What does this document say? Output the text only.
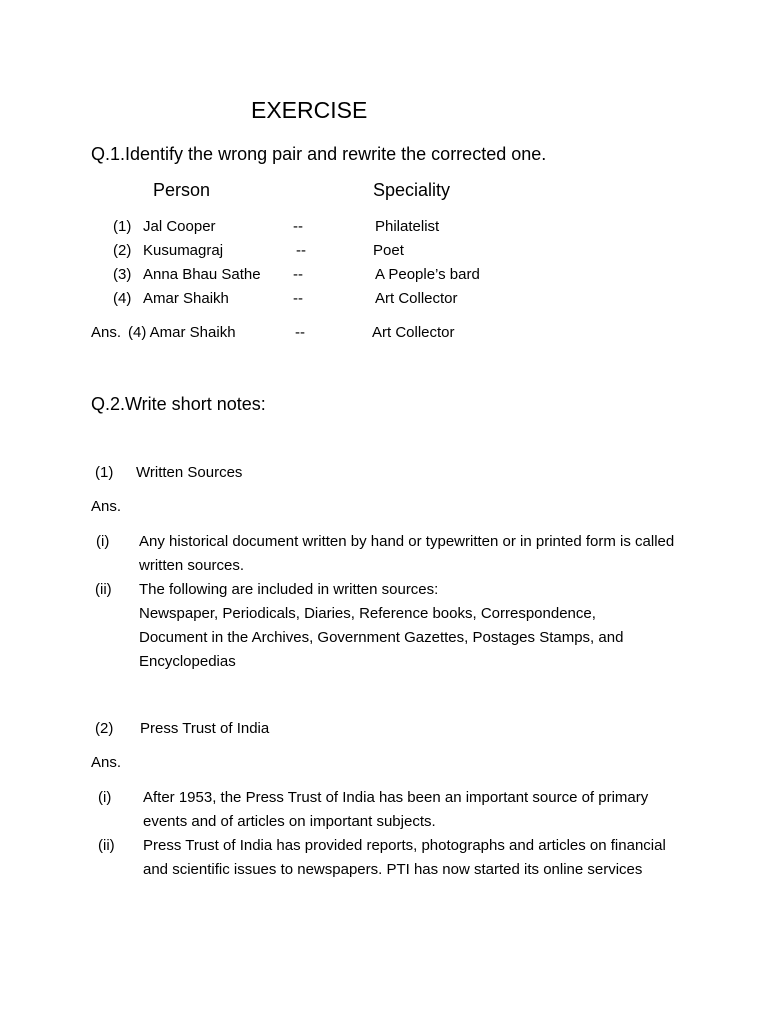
EXERCISE
Q.1.Identify the wrong pair and rewrite the corrected one.
Person	Speciality
(1) Jal Cooper	--	Philatelist
(2) Kusumagraj	--	Poet
(3) Anna Bhau Sathe --	A People’s bard
(4) Amar Shaikh	--	Art Collector
Ans. (4) Amar Shaikh	--	Art Collector
Q.2.Write short notes:
(1) Written Sources
Ans.
(i) Any historical document written by hand or typewritten or in printed form is called written sources.
(ii) The following are included in written sources:
Newspaper, Periodicals, Diaries, Reference books, Correspondence, Document in the Archives, Government Gazettes, Postages Stamps, and Encyclopedias
(2) Press Trust of India
Ans.
(i) After 1953, the Press Trust of India has been an important source of primary events and of articles on important subjects.
(ii) Press Trust of India has provided reports, photographs and articles on financial and scientific issues to newspapers. PTI has now started its online services
